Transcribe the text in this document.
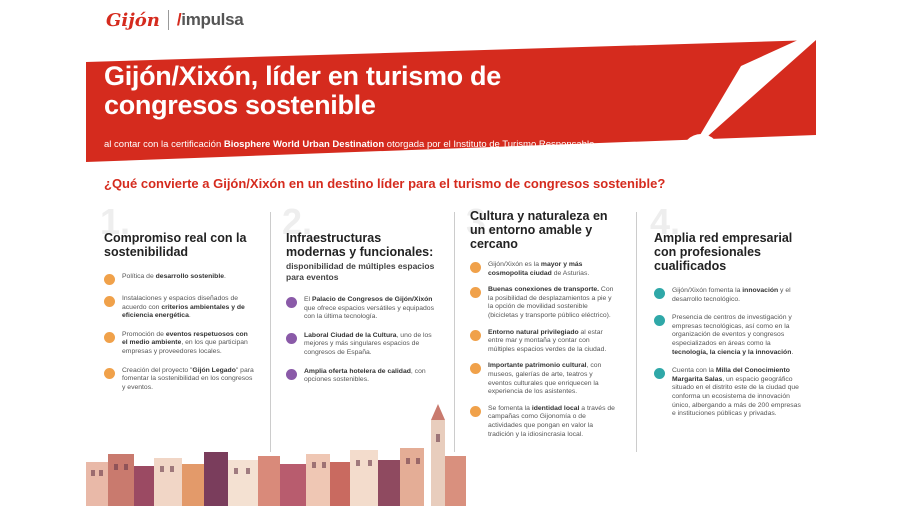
Gijón /impulsa
Gijón/Xixón, líder en turismo de congresos sostenible

al contar con la certificación Biosphere World Urban Destination otorgada por el Instituto de Turismo Responsable.

¿Qué convierte a Gijón/Xixón en un destino líder para el turismo de congresos sostenible?
1.
Compromiso real con la sostenibilidad
Política de desarrollo sostenible.
Instalaciones y espacios diseñados de acuerdo con criterios ambientales y de eficiencia energética.
Promoción de eventos respetuosos con el medio ambiente, en los que participan empresas y proveedores locales.
Creación del proyecto "Gijón Legado" para fomentar la sostenibilidad en los congresos y eventos.
2.
Infraestructuras modernas y funcionales:
disponibilidad de múltiples espacios para eventos
El Palacio de Congresos de Gijón/Xixón que ofrece espacios versátiles y equipados con la última tecnología.
Laboral Ciudad de la Cultura, uno de los mejores y más singulares espacios de congresos de España.
Amplia oferta hotelera de calidad, con opciones sostenibles.
3.
Cultura y naturaleza en un entorno amable y cercano
Gijón/Xixón es la mayor y más cosmopolita ciudad de Asturias.
Buenas conexiones de transporte. Con la posibilidad de desplazamientos a pie y la opción de movilidad sostenible (bicicletas y transporte público eléctrico).
Entorno natural privilegiado al estar entre mar y montaña y contar con múltiples espacios verdes de la ciudad.
Importante patrimonio cultural, con museos, galerías de arte, teatros y eventos culturales que enriquecen la experiencia de los asistentes.
Se fomenta la identidad local a través de campañas como Gijonomía o de actividades que pongan en valor la tradición y la idiosincrasia local.
4.
Amplia red empresarial con profesionales cualificados
Gijón/Xixón fomenta la innovación y el desarrollo tecnológico.
Presencia de centros de investigación y empresas tecnológicas, así como en la organización de eventos y congresos especializados en áreas como la tecnología, la ciencia y la innovación.
Cuenta con la Milla del Conocimiento Margarita Salas, un espacio geográfico situado en el distrito este de la ciudad que conforma un ecosistema de innovación único, albergando a más de 200 empresas e instituciones públicas y privadas.
